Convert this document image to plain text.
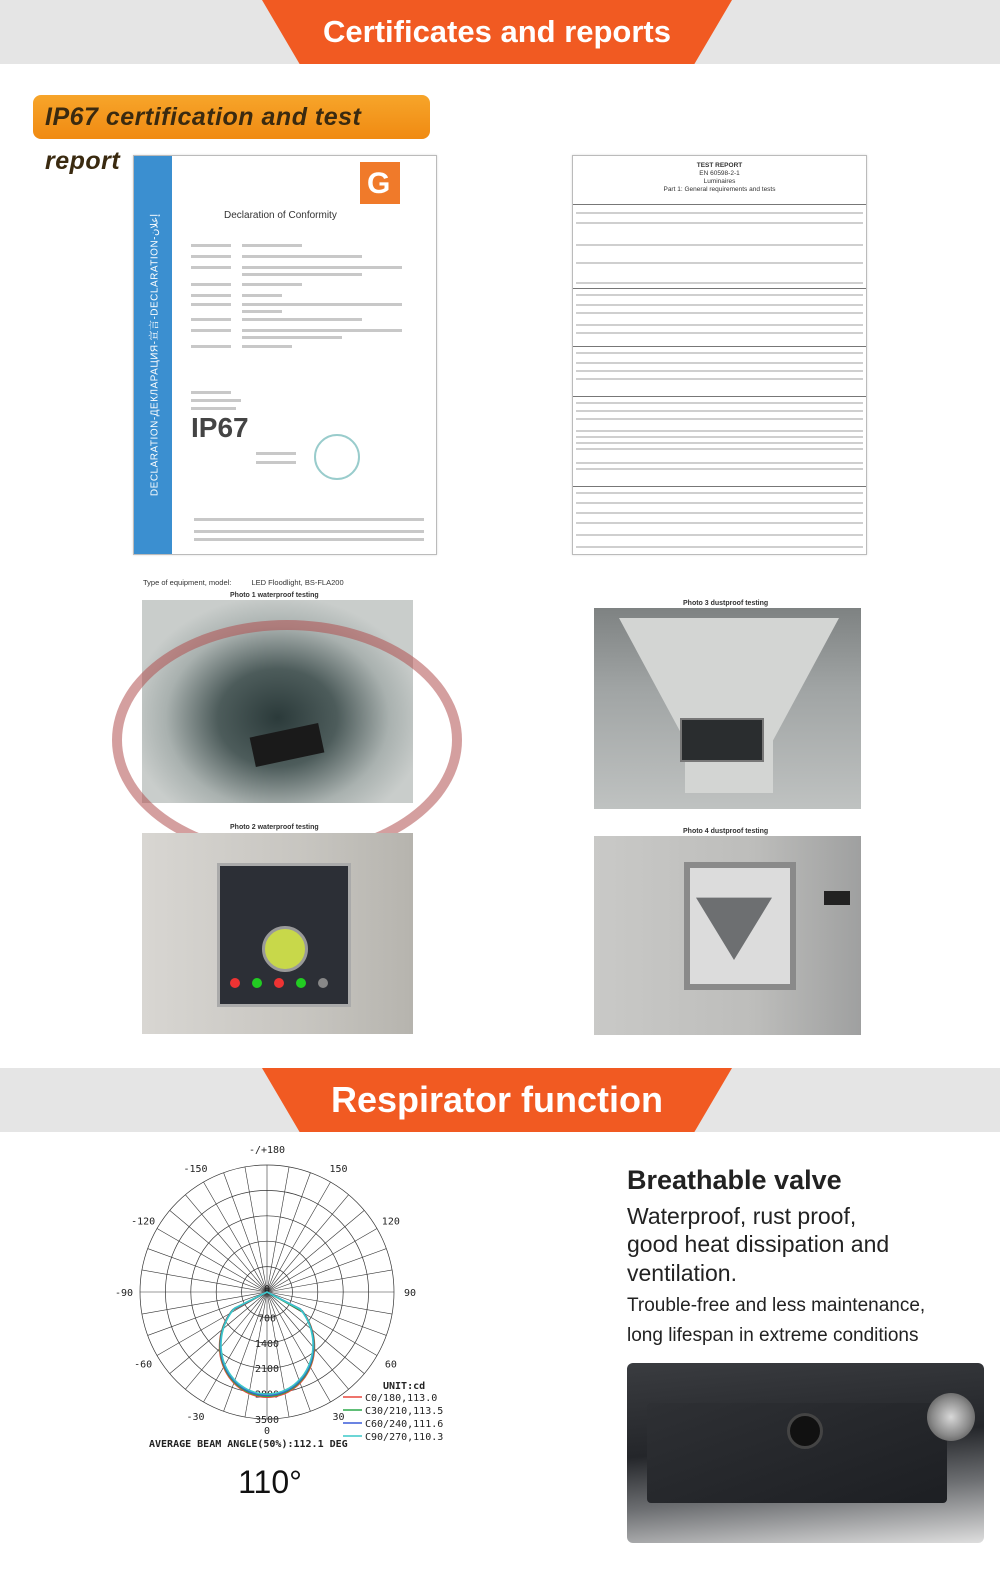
Certificates and reports
IP67 certification and test report
DECLARATION-ДЕКЛАРАЦИЯ-宣言-DECLARATION-إعلان
G	Declaration of Conformity
IP67
TEST REPORT
EN 60598-2-1
Luminaires
Part 1: General requirements and tests
Type of equipment, model:	LED Floodlight, BS-FLA200
Photo 1 waterproof testing
Photo 3 dustproof testing
Photo 2 waterproof testing
Photo 4 dustproof testing
Respirator function
-/+180
-150	150
-120	120
-90	90
-60	60
-30	30
0
0
700
1400
2100
2800
3500
UNIT:cd
C0/180,113.0
C30/210,113.5
C60/240,111.6
C90/270,110.3
AVERAGE BEAM ANGLE(50%):112.1 DEG
110°
Breathable valve
Waterproof, rust proof,
good heat dissipation and
ventilation.
Trouble-free and less maintenance,
long lifespan in extreme conditions
